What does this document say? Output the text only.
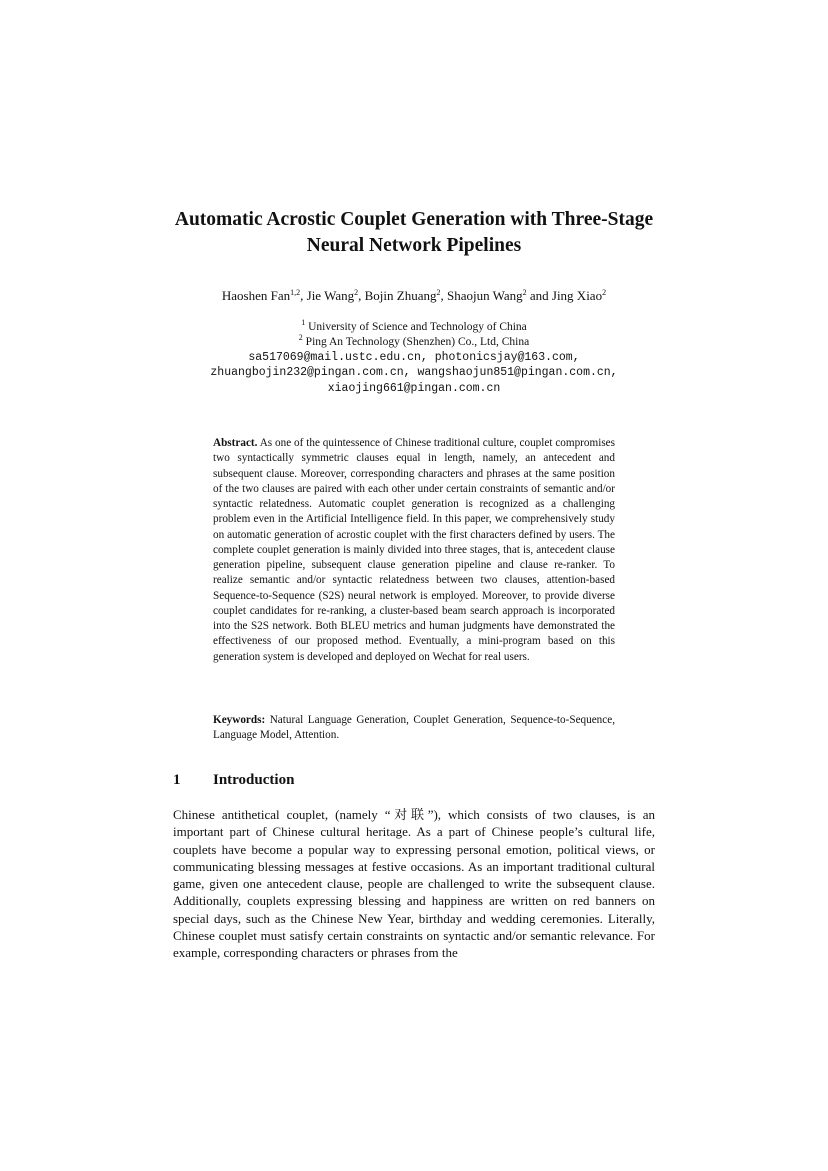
Automatic Acrostic Couplet Generation with Three-Stage
Neural Network Pipelines
Haoshen Fan$^{1,2}$, Jie Wang$^2$, Bojin Zhuang$^2$, Shaojun Wang$^2$ and Jing Xiao$^2$
$^1$ University of Science and Technology of China
$^2$ Ping An Technology (Shenzhen) Co., Ltd, China
sa517069@mail.ustc.edu.cn, photonicsjay@163.com,
zhuangbojin232@pingan.com.cn, wangshaojun851@pingan.com.cn,
xiaojing661@pingan.com.cn
Abstract. As one of the quintessence of Chinese traditional culture, couplet compromises two syntactically symmetric clauses equal in length, namely, an antecedent and subsequent clause. Moreover, corresponding characters and phrases at the same position of the two clauses are paired with each other under certain constraints of semantic and/or syntactic relatedness. Automatic couplet generation is recognized as a challenging problem even in the Artificial Intelligence field. In this paper, we comprehensively study on automatic generation of acrostic couplet with the first characters defined by users. The complete couplet generation is mainly divided into three stages, that is, antecedent clause generation pipeline, subsequent clause generation pipeline and clause re-ranker. To realize semantic and/or syntactic relatedness between two clauses, attention-based Sequence-to-Sequence (S2S) neural network is employed. Moreover, to provide diverse couplet candidates for re-ranking, a cluster-based beam search approach is incorporated into the S2S network. Both BLEU metrics and human judgments have demonstrated the effectiveness of our proposed method. Eventually, a mini-program based on this generation system is developed and deployed on Wechat for real users.
Keywords: Natural Language Generation, Couplet Generation, Sequence-to-Sequence, Language Model, Attention.
1 Introduction
Chinese antithetical couplet, (namely “对联”), which consists of two clauses, is an important part of Chinese cultural heritage. As a part of Chinese people’s cultural life, couplets have become a popular way to expressing personal emotion, political views, or communicating blessing messages at festive occasions. As an important traditional cultural game, given one antecedent clause, people are challenged to write the subsequent clause. Additionally, couplets expressing blessing and happiness are written on red banners on special days, such as the Chinese New Year, birthday and wedding ceremonies. Literally, Chinese couplet must satisfy certain constraints on syntactic and/or semantic relevance. For example, corresponding characters or phrases from the
